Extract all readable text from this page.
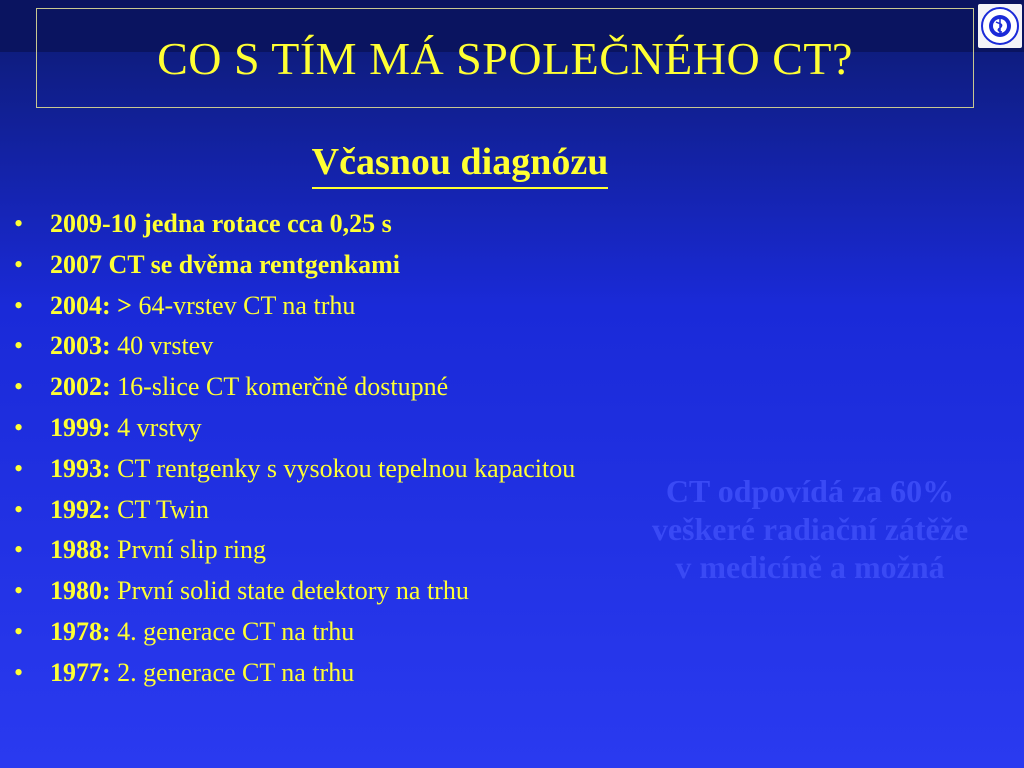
CO S TÍM MÁ SPOLEČNÉHO CT?
Včasnou diagnózu
• 2009-10 jedna rotace cca 0,25 s
• 2007 CT se dvěma rentgenkami
• 2004: > 64-vrstev CT na trhu
• 2003: 40 vrstev
• 2002: 16-slice CT komerčně dostupné
• 1999: 4 vrstvy
• 1993: CT rentgenky s vysokou tepelnou kapacitou
• 1992: CT Twin
• 1988: První slip ring
• 1980: První solid state detektory na trhu
• 1978: 4. generace CT na trhu
• 1977: 2. generace CT na trhu
CT odpovídá za 60% veškeré radiační zátěže v medicíně a možná
